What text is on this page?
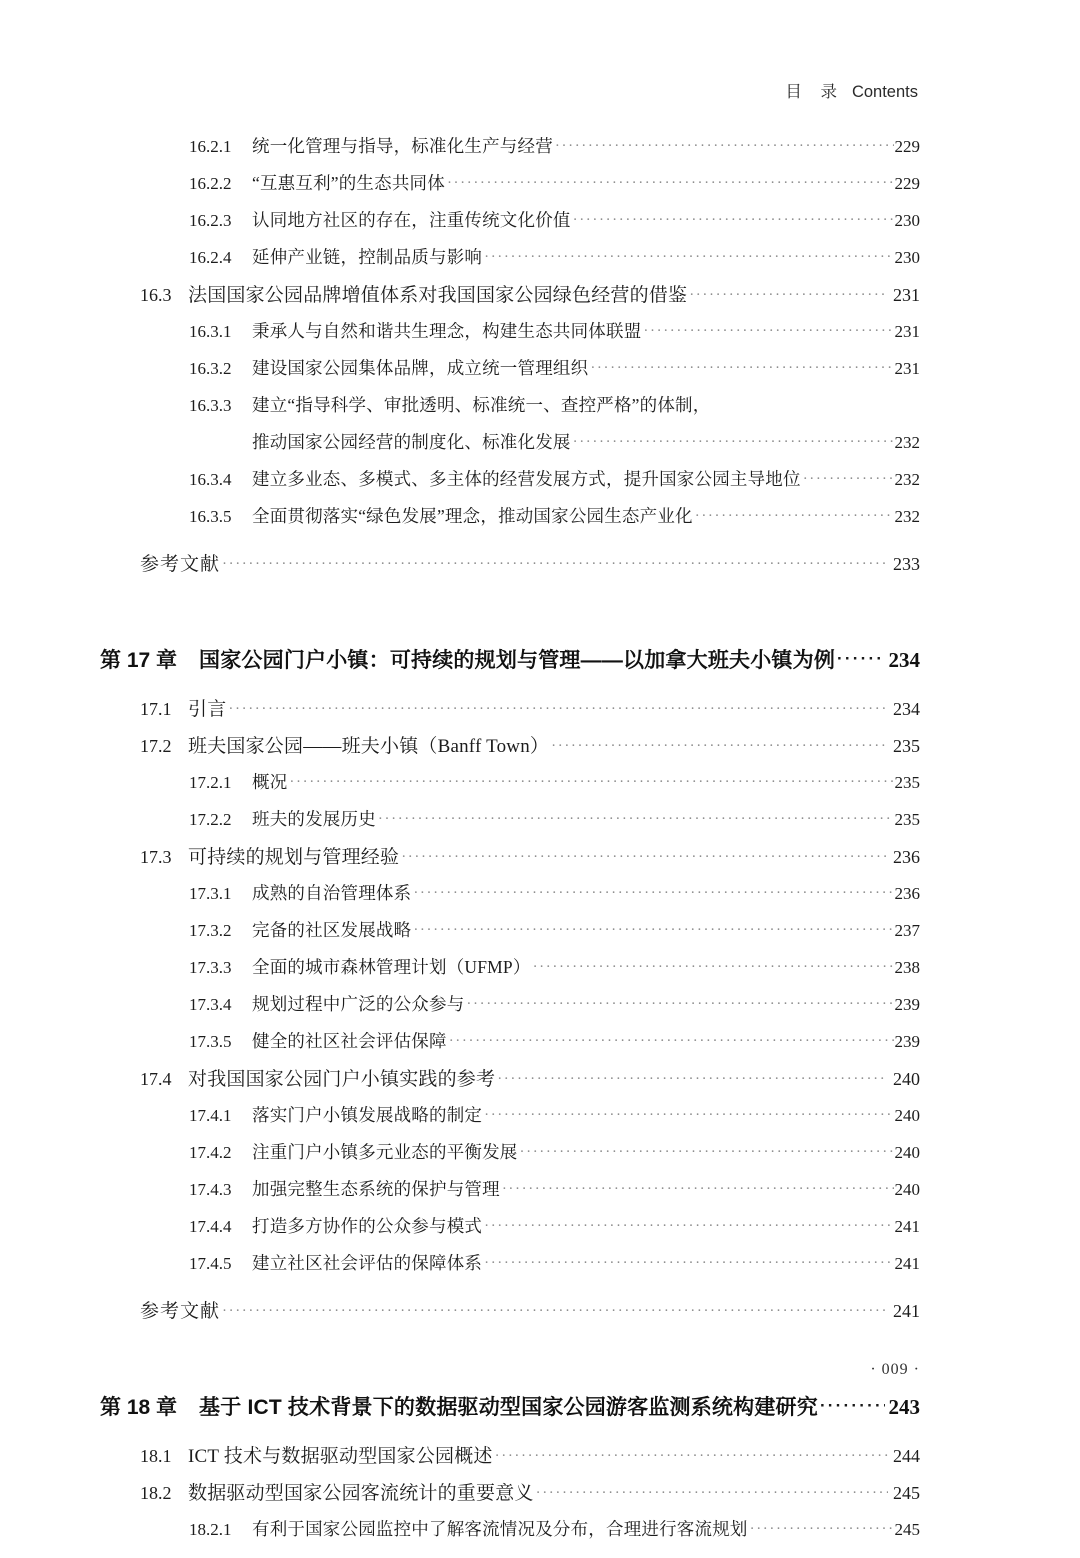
目 录 Contents
16.2.1	统一化管理与指导，标准化生产与经营 ·····	229
16.2.2	“互惠互利”的生态共同体 ·····	229
16.2.3	认同地方社区的存在，注重传统文化价值 ·····	230
16.2.4	延伸产业链，控制品质与影响 ·····	230
16.3 法国国家公园品牌增值体系对我国国家公园绿色经营的借鉴 ·····	231
16.3.1	秉承人与自然和谐共生理念，构建生态共同体联盟 ·····	231
16.3.2	建设国家公园集体品牌，成立统一管理组织 ·····	231
16.3.3	建立“指导科学、审批透明、标准统一、查控严格”的体制，
推动国家公园经营的制度化、标准化发展 ·····	232
16.3.4	建立多业态、多模式、多主体的经营发展方式，提升国家公园主导地位 ·····	232
16.3.5	全面贯彻落实“绿色发展”理念，推动国家公园生态产业化 ·····	232
参考文献 ·····	233
第 17 章 国家公园门户小镇：可持续的规划与管理——以加拿大班夫小镇为例 ·····	234
17.1 引言 ·····	234
17.2 班夫国家公园——班夫小镇（Banff Town） ·····	235
17.2.1	概况 ·····	235
17.2.2	班夫的发展历史 ·····	235
17.3 可持续的规划与管理经验 ·····	236
17.3.1	成熟的自治管理体系 ·····	236
17.3.2	完备的社区发展战略 ·····	237
17.3.3	全面的城市森林管理计划（UFMP） ·····	238
17.3.4	规划过程中广泛的公众参与 ·····	239
17.3.5	健全的社区社会评估保障 ·····	239
17.4 对我国国家公园门户小镇实践的参考 ·····	240
17.4.1	落实门户小镇发展战略的制定 ·····	240
17.4.2	注重门户小镇多元业态的平衡发展 ·····	240
17.4.3	加强完整生态系统的保护与管理 ·····	240
17.4.4	打造多方协作的公众参与模式 ·····	241
17.4.5	建立社区社会评估的保障体系 ·····	241
参考文献 ·····	241
第 18 章 基于 ICT 技术背景下的数据驱动型国家公园游客监测系统构建研究 ·····	243
18.1 ICT 技术与数据驱动型国家公园概述 ·····	244
18.2 数据驱动型国家公园客流统计的重要意义 ·····	245
18.2.1	有利于国家公园监控中了解客流情况及分布，合理进行客流规划 ·····	245
· 009 ·
